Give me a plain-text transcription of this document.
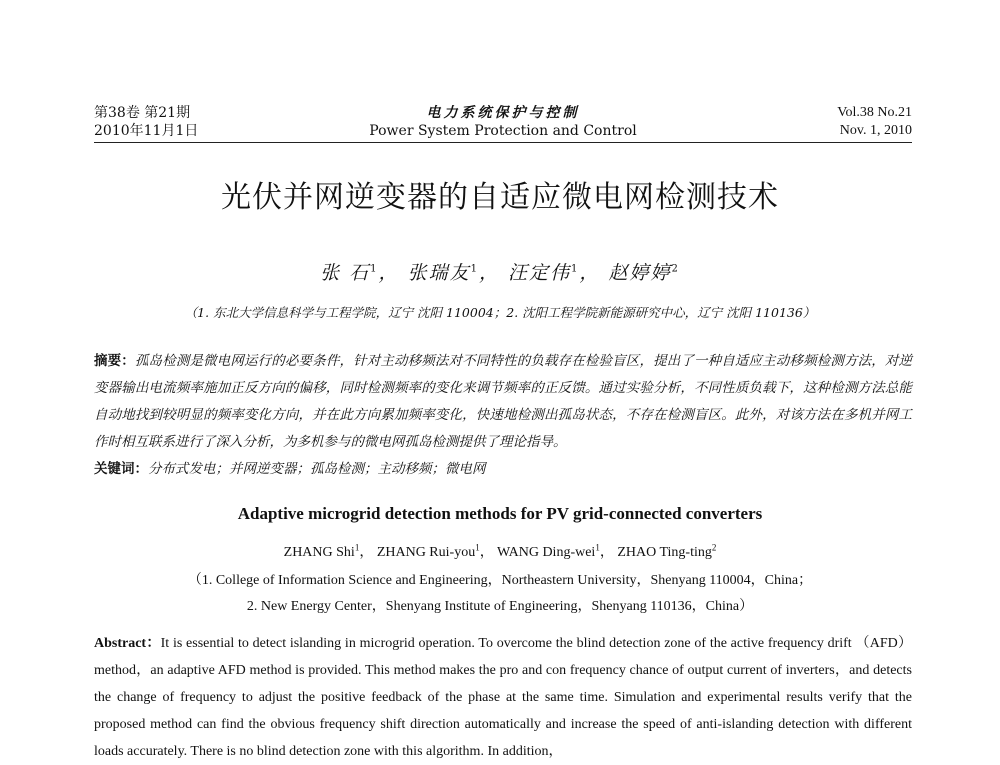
第38卷 第21期
2010年11月1日
电力系统保护与控制
Power System Protection and Control
Vol.38 No.21
Nov. 1, 2010
光伏并网逆变器的自适应微电网检测技术
张 石$^1$， 张瑞友$^1$， 汪定伟$^1$， 赵婷婷$^2$
（1. 东北大学信息科学与工程学院，辽宁 沈阳 110004；2. 沈阳工程学院新能源研究中心，辽宁 沈阳 110136）
摘要：孤岛检测是微电网运行的必要条件，针对主动移频法对不同特性的负载存在检验盲区，提出了一种自适应主动移频检测方法，对逆变器输出电流频率施加正反方向的偏移，同时检测频率的变化来调节频率的正反馈。通过实验分析，不同性质负载下，这种检测方法总能自动地找到较明显的频率变化方向，并在此方向累加频率变化，快速地检测出孤岛状态，不存在检测盲区。此外，对该方法在多机并网工作时相互联系进行了深入分析，为多机参与的微电网孤岛检测提供了理论指导。
关键词：分布式发电；并网逆变器；孤岛检测；主动移频；微电网
Adaptive microgrid detection methods for PV grid-connected converters
ZHANG Shi$^1$， ZHANG Rui-you$^1$， WANG Ding-wei$^1$， ZHAO Ting-ting$^2$
（1. College of Information Science and Engineering，Northeastern University，Shenyang 110004，China；
2. New Energy Center，Shenyang Institute of Engineering，Shenyang 110136，China）
Abstract：It is essential to detect islanding in microgrid operation. To overcome the blind detection zone of the active frequency drift （AFD）method，an adaptive AFD method is provided. This method makes the pro and con frequency chance of output current of inverters，and detects the change of frequency to adjust the positive feedback of the phase at the same time. Simulation and experimental results verify that the proposed method can find the obvious frequency shift direction automatically and increase the speed of anti-islanding detection with different loads accurately. There is no blind detection zone with this algorithm. In addition，
